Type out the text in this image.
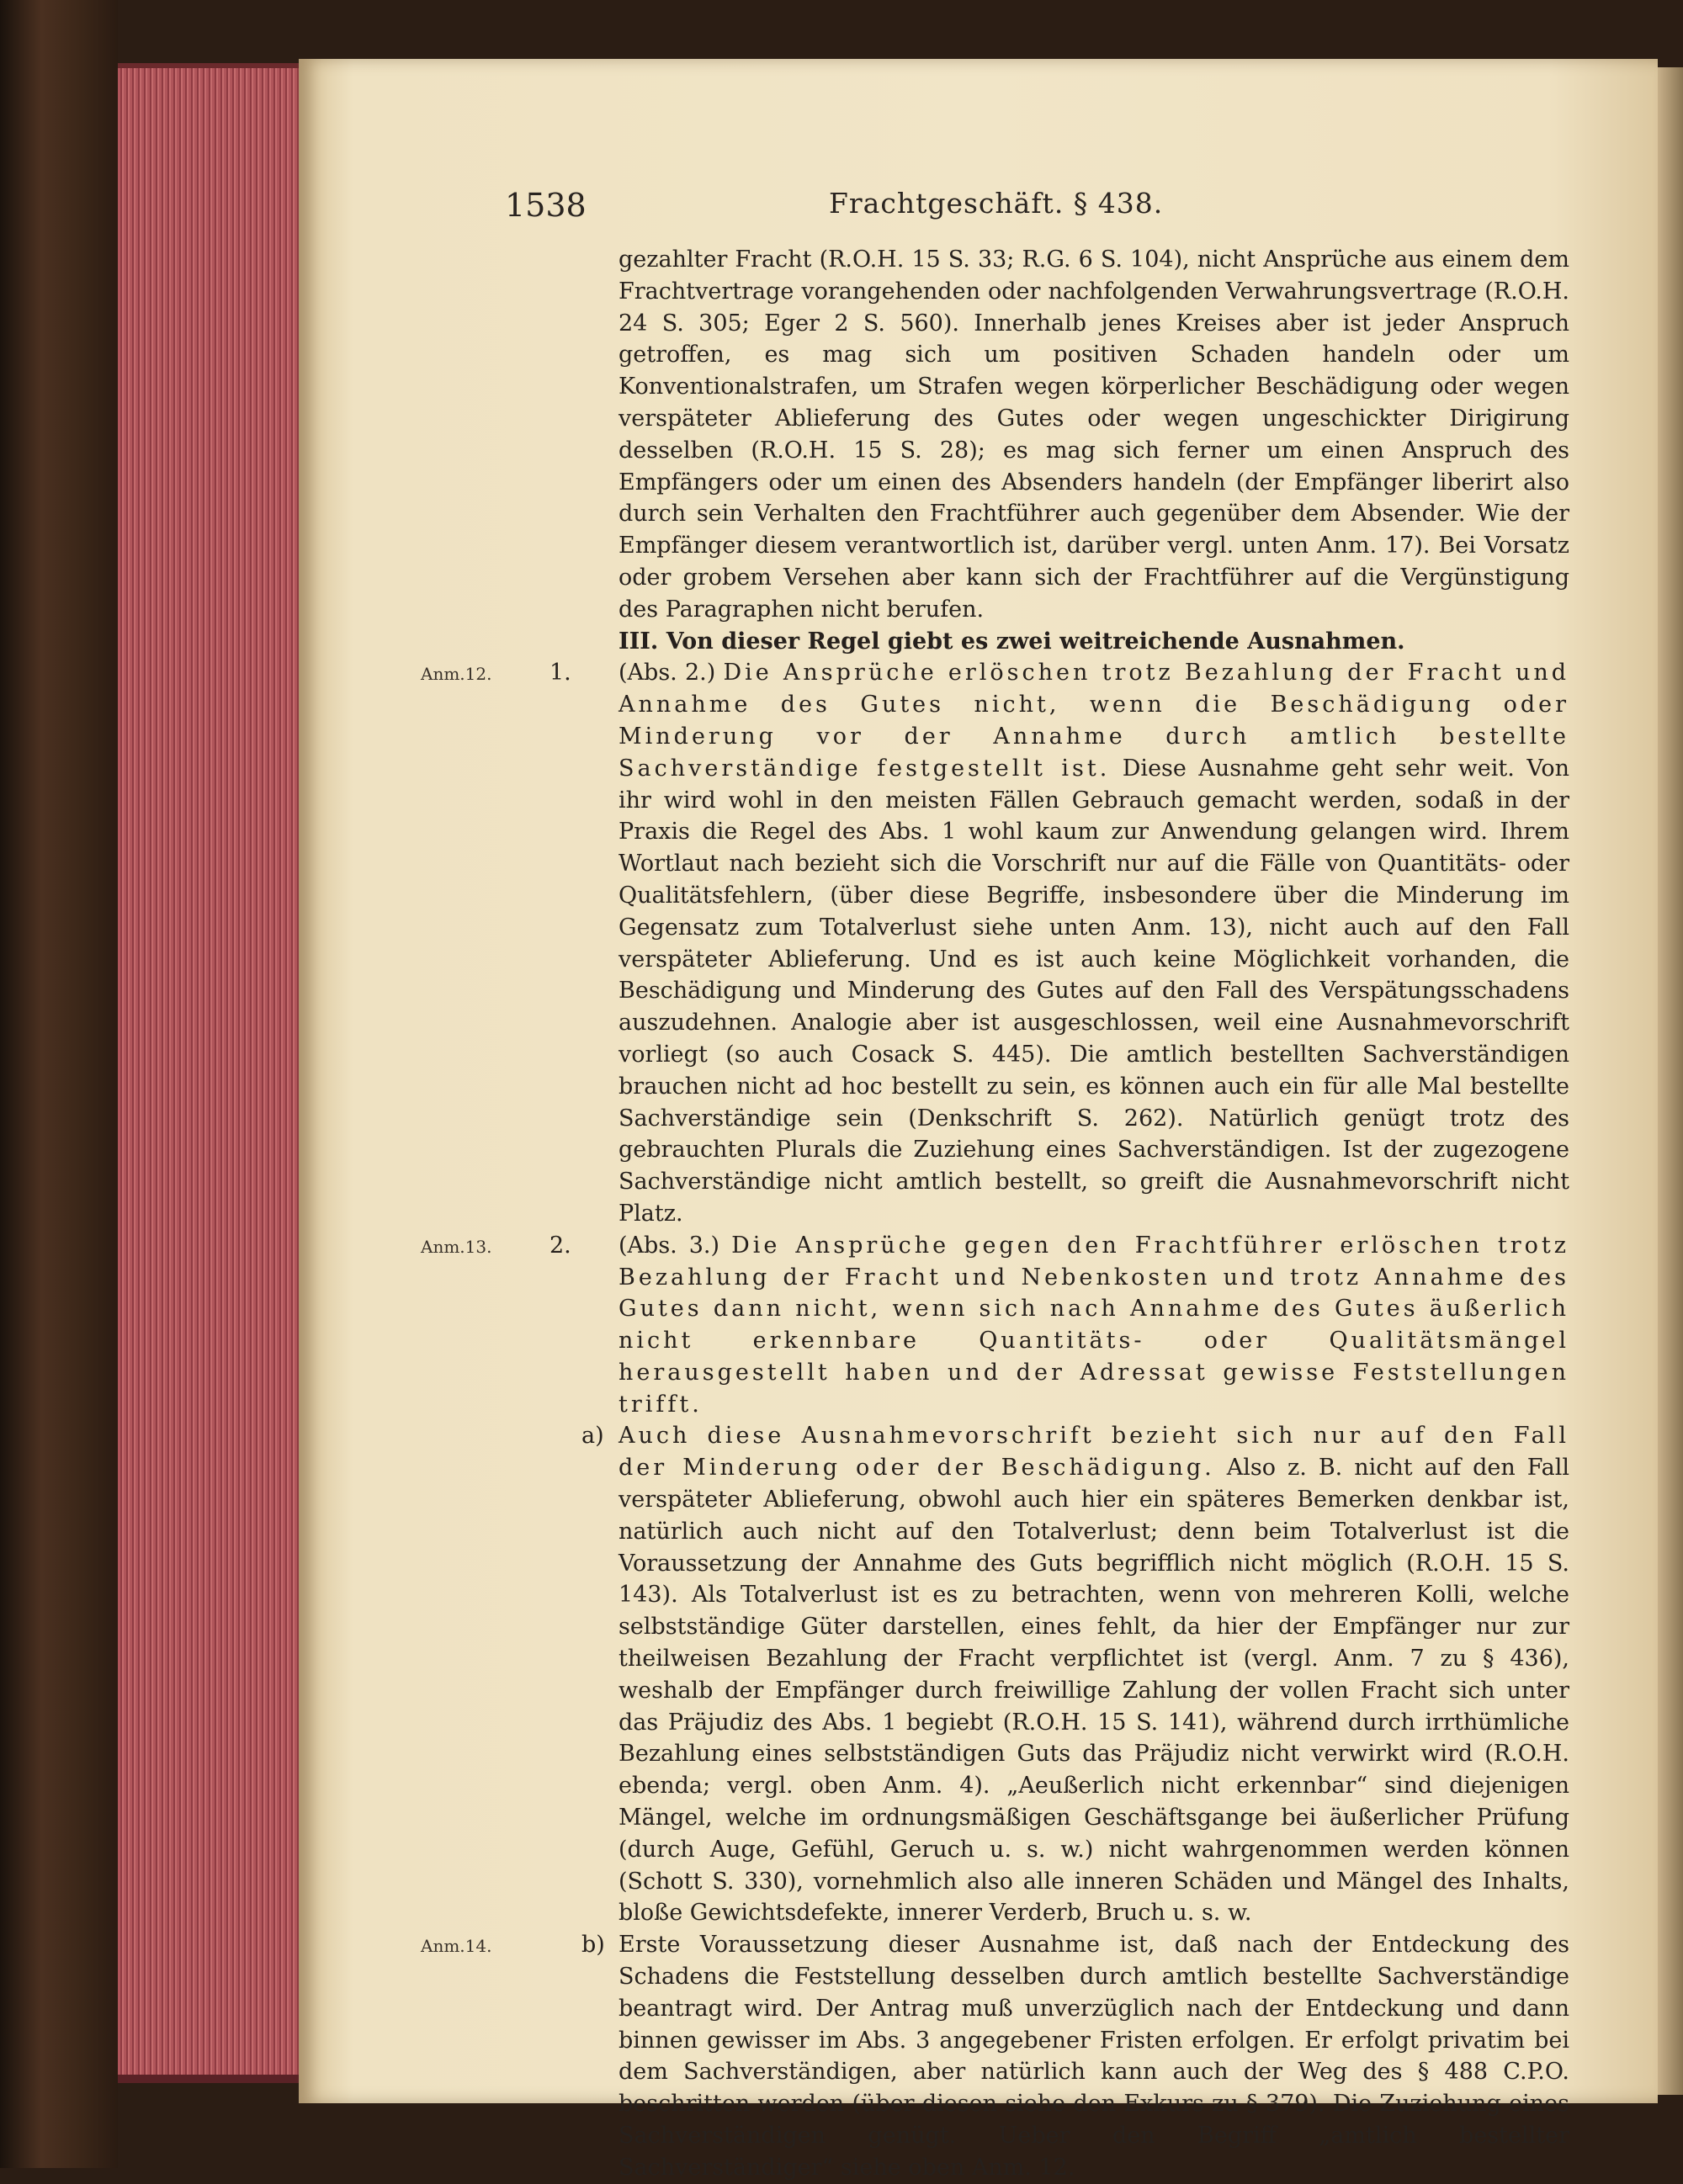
1538	Frachtgeschäft. § 438.

gezahlter Fracht (R.O.H. 15 S. 33; R.G. 6 S. 104), nicht Ansprüche aus einem dem Frachtvertrage vorangehenden oder nachfolgenden Verwahrungsvertrage (R.O.H. 24 S. 305; Eger 2 S. 560). Innerhalb jenes Kreises aber ist jeder Anspruch getroffen, es mag sich um positiven Schaden handeln oder um Konventionalstrafen, um Strafen wegen körperlicher Beschädigung oder wegen verspäteter Ablieferung des Gutes oder wegen ungeschickter Dirigirung desselben (R.O.H. 15 S. 28); es mag sich ferner um einen Anspruch des Empfängers oder um einen des Absenders handeln (der Empfänger liberirt also durch sein Verhalten den Frachtführer auch gegenüber dem Absender. Wie der Empfänger diesem verantwortlich ist, darüber vergl. unten Anm. 17). Bei Vorsatz oder grobem Versehen aber kann sich der Frachtführer auf die Vergünstigung des Paragraphen nicht berufen.

III. Von dieser Regel giebt es zwei weitreichende Ausnahmen.

Anm.12.	1. (Abs. 2.) Die Ansprüche erlöschen trotz Bezahlung der Fracht und Annahme des Gutes nicht, wenn die Beschädigung oder Minderung vor der Annahme durch amtlich bestellte Sachverständige festgestellt ist. Diese Ausnahme geht sehr weit. Von ihr wird wohl in den meisten Fällen Gebrauch gemacht werden, sodaß in der Praxis die Regel des Abs. 1 wohl kaum zur Anwendung gelangen wird. Ihrem Wortlaut nach bezieht sich die Vorschrift nur auf die Fälle von Quantitäts- oder Qualitätsfehlern, (über diese Begriffe, insbesondere über die Minderung im Gegensatz zum Totalverlust siehe unten Anm. 13), nicht auch auf den Fall verspäteter Ablieferung. Und es ist auch keine Möglichkeit vorhanden, die Beschädigung und Minderung des Gutes auf den Fall des Verspätungsschadens auszudehnen. Analogie aber ist ausgeschlossen, weil eine Ausnahmevorschrift vorliegt (so auch Cosack S. 445). Die amtlich bestellten Sachverständigen brauchen nicht ad hoc bestellt zu sein, es können auch ein für alle Mal bestellte Sachverständige sein (Denkschrift S. 262). Natürlich genügt trotz des gebrauchten Plurals die Zuziehung eines Sachverständigen. Ist der zugezogene Sachverständige nicht amtlich bestellt, so greift die Ausnahmevorschrift nicht Platz.

Anm.13.	2. (Abs. 3.) Die Ansprüche gegen den Frachtführer erlöschen trotz Bezahlung der Fracht und Nebenkosten und trotz Annahme des Gutes dann nicht, wenn sich nach Annahme des Gutes äußerlich nicht erkennbare Quantitäts- oder Qualitätsmängel herausgestellt haben und der Adressat gewisse Feststellungen trifft.

a) Auch diese Ausnahmevorschrift bezieht sich nur auf den Fall der Minderung oder der Beschädigung. Also z. B. nicht auf den Fall verspäteter Ablieferung, obwohl auch hier ein späteres Bemerken denkbar ist, natürlich auch nicht auf den Totalverlust; denn beim Totalverlust ist die Voraussetzung der Annahme des Guts begrifflich nicht möglich (R.O.H. 15 S. 143). Als Totalverlust ist es zu betrachten, wenn von mehreren Kolli, welche selbstständige Güter darstellen, eines fehlt, da hier der Empfänger nur zur theilweisen Bezahlung der Fracht verpflichtet ist (vergl. Anm. 7 zu § 436), weshalb der Empfänger durch freiwillige Zahlung der vollen Fracht sich unter das Präjudiz des Abs. 1 begiebt (R.O.H. 15 S. 141), während durch irrthümliche Bezahlung eines selbstständigen Guts das Präjudiz nicht verwirkt wird (R.O.H. ebenda; vergl. oben Anm. 4). „Aeußerlich nicht erkennbar“ sind diejenigen Mängel, welche im ordnungsmäßigen Geschäftsgange bei äußerlicher Prüfung (durch Auge, Gefühl, Geruch u. s. w.) nicht wahrgenommen werden können (Schott S. 330), vornehmlich also alle inneren Schäden und Mängel des Inhalts, bloße Gewichtsdefekte, innerer Verderb, Bruch u. s. w.

Anm.14.	b) Erste Voraussetzung dieser Ausnahme ist, daß nach der Entdeckung des Schadens die Feststellung desselben durch amtlich bestellte Sachverständige beantragt wird. Der Antrag muß unverzüglich nach der Entdeckung und dann binnen gewisser im Abs. 3 angegebener Fristen erfolgen. Er erfolgt privatim bei dem Sachverständigen, aber natürlich kann auch der Weg des § 488 C.P.O. beschritten werden (über diesen siehe den Exkurs zu § 379). Die Zuziehung eines Sachverständigen genügt. Ueber den Begriff „amtlich bestellter Sachverständiger“ siehe oben Anm. 12.
